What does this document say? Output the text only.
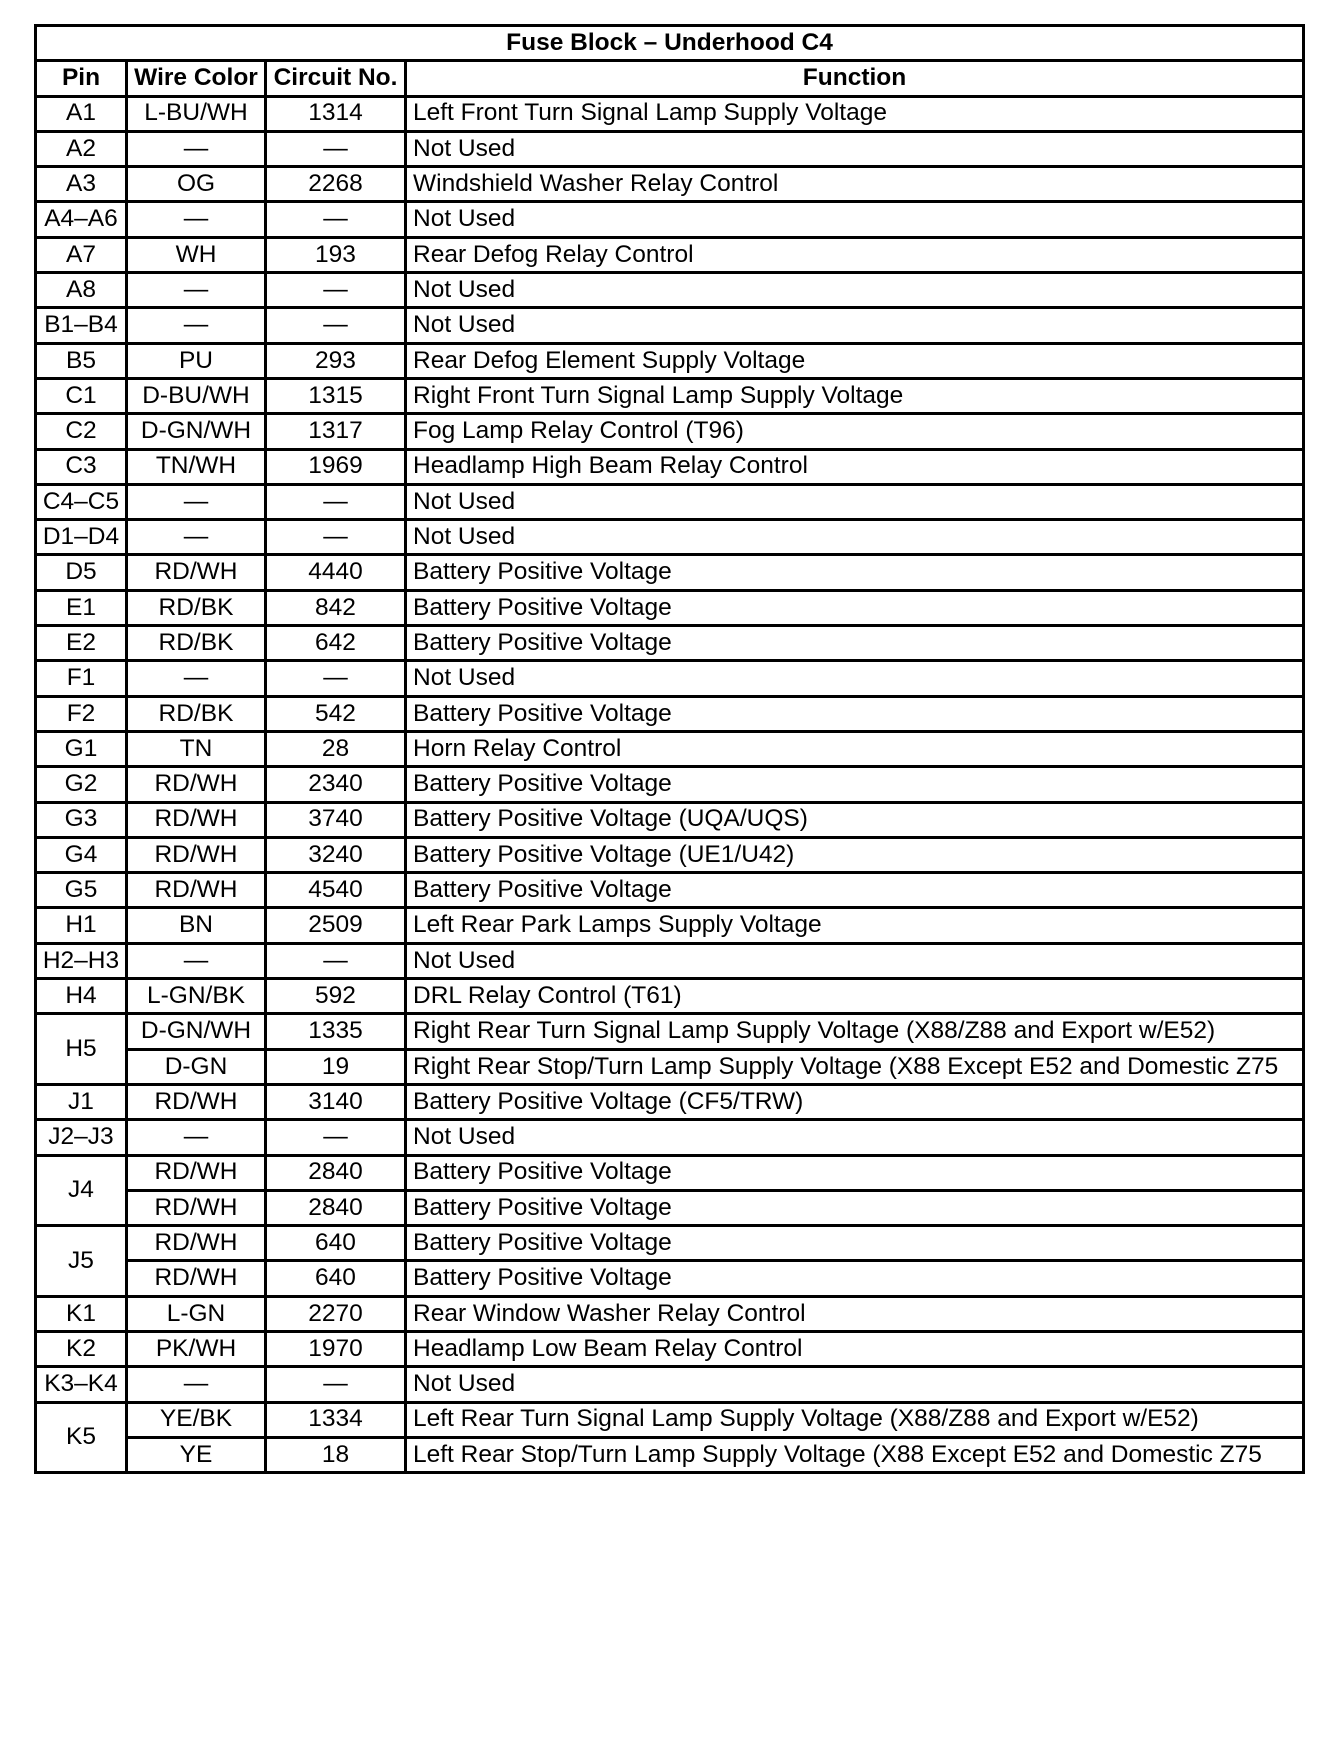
Fuse Block – Underhood C4			
Pin	Wire Color	Circuit No.	Function
A1	L-BU/WH	1314	Left Front Turn Signal Lamp Supply Voltage
A2	—	—	Not Used
A3	OG	2268	Windshield Washer Relay Control
A4–A6	—	—	Not Used
A7	WH	193	Rear Defog Relay Control
A8	—	—	Not Used
B1–B4	—	—	Not Used
B5	PU	293	Rear Defog Element Supply Voltage
C1	D-BU/WH	1315	Right Front Turn Signal Lamp Supply Voltage
C2	D-GN/WH	1317	Fog Lamp Relay Control (T96)
C3	TN/WH	1969	Headlamp High Beam Relay Control
C4–C5	—	—	Not Used
D1–D4	—	—	Not Used
D5	RD/WH	4440	Battery Positive Voltage
E1	RD/BK	842	Battery Positive Voltage
E2	RD/BK	642	Battery Positive Voltage
F1	—	—	Not Used
F2	RD/BK	542	Battery Positive Voltage
G1	TN	28	Horn Relay Control
G2	RD/WH	2340	Battery Positive Voltage
G3	RD/WH	3740	Battery Positive Voltage (UQA/UQS)
G4	RD/WH	3240	Battery Positive Voltage (UE1/U42)
G5	RD/WH	4540	Battery Positive Voltage
H1	BN	2509	Left Rear Park Lamps Supply Voltage
H2–H3	—	—	Not Used
H4	L-GN/BK	592	DRL Relay Control (T61)
H5	D-GN/WH	1335	Right Rear Turn Signal Lamp Supply Voltage (X88/Z88 and Export w/E52)
	D-GN	19	Right Rear Stop/Turn Lamp Supply Voltage (X88 Except E52 and Domestic Z75
J1	RD/WH	3140	Battery Positive Voltage (CF5/TRW)
J2–J3	—	—	Not Used
J4	RD/WH	2840	Battery Positive Voltage
	RD/WH	2840	Battery Positive Voltage
J5	RD/WH	640	Battery Positive Voltage
	RD/WH	640	Battery Positive Voltage
K1	L-GN	2270	Rear Window Washer Relay Control
K2	PK/WH	1970	Headlamp Low Beam Relay Control
K3–K4	—	—	Not Used
K5	YE/BK	1334	Left Rear Turn Signal Lamp Supply Voltage (X88/Z88 and Export w/E52)
	YE	18	Left Rear Stop/Turn Lamp Supply Voltage (X88 Except E52 and Domestic Z75
